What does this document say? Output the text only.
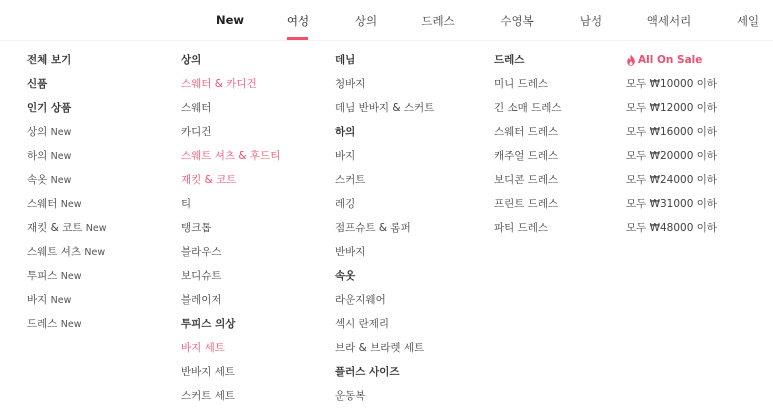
New	여성	상의	드레스	수영복	남성	액세서리	세일
전체 보기
신품
인기 상품
상의 New
하의 New
속옷 New
스웨터 New
재킷 & 코트 New
스웨트 셔츠 New
투피스 New
바지 New
드레스 New
상의
스웨터 & 카디건
스웨터
카디건
스웨트 셔츠 & 후드티
재킷 & 코트
티
탱크톱
블라우스
보디슈트
블레이저
투피스 의상
바지 세트
반바지 세트
스커트 세트
데님
청바지
데님 반바지 & 스커트
하의
바지
스커트
레깅
점프슈트 & 롬퍼
반바지
속옷
라운지웨어
섹시 란제리
브라 & 브라렛 세트
플러스 사이즈
운동복
드레스
미니 드레스
긴 소매 드레스
스웨터 드레스
캐주얼 드레스
보디콘 드레스
프린트 드레스
파티 드레스
All On Sale
모두 ₩10000 이하
모두 ₩12000 이하
모두 ₩16000 이하
모두 ₩20000 이하
모두 ₩24000 이하
모두 ₩31000 이하
모두 ₩48000 이하
